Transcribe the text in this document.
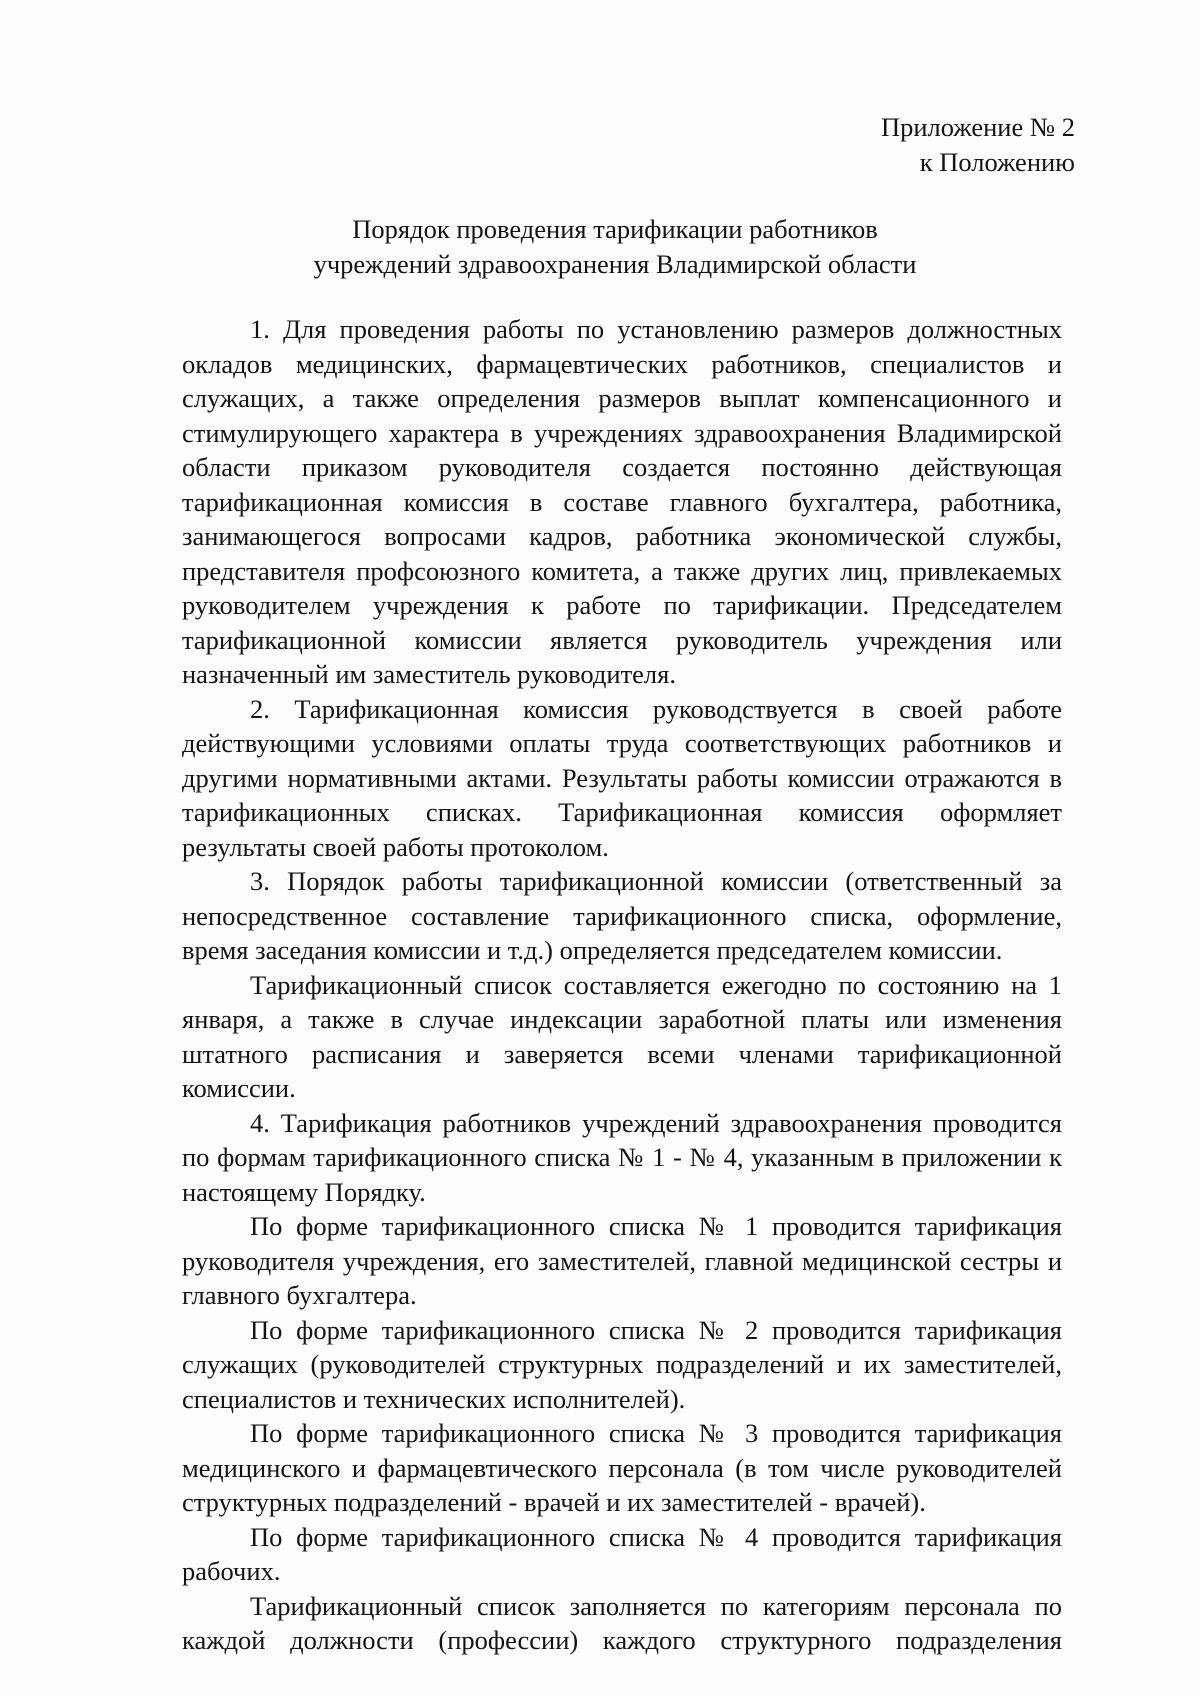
Приложение № 2
к Положению
Порядок проведения тарификации работников
учреждений здравоохранения Владимирской области

1. Для проведения работы по установлению размеров должностных окладов медицинских, фармацевтических работников, специалистов и служащих, а также определения размеров выплат компенсационного и стимулирующего характера в учреждениях здравоохранения Владимирской области приказом руководителя создается постоянно действующая тарификационная комиссия в составе главного бухгалтера, работника, занимающегося вопросами кадров, работника экономической службы, представителя профсоюзного комитета, а также других лиц, привлекаемых руководителем учреждения к работе по тарификации. Председателем тарификационной комиссии является руководитель учреждения или назначенный им заместитель руководителя.

2. Тарификационная комиссия руководствуется в своей работе действующими условиями оплаты труда соответствующих работников и другими нормативными актами. Результаты работы комиссии отражаются в тарификационных списках. Тарификационная комиссия оформляет результаты своей работы протоколом.

3. Порядок работы тарификационной комиссии (ответственный за непосредственное составление тарификационного списка, оформление, время заседания комиссии и т.д.) определяется председателем комиссии.

Тарификационный список составляется ежегодно по состоянию на 1 января, а также в случае индексации заработной платы или изменения штатного расписания и заверяется всеми членами тарификационной комиссии.

4. Тарификация работников учреждений здравоохранения проводится по формам тарификационного списка № 1 - № 4, указанным в приложении к настоящему Порядку.

По форме тарификационного списка № 1 проводится тарификация руководителя учреждения, его заместителей, главной медицинской сестры и главного бухгалтера.

По форме тарификационного списка № 2 проводится тарификация служащих (руководителей структурных подразделений и их заместителей, специалистов и технических исполнителей).

По форме тарификационного списка № 3 проводится тарификация медицинского и фармацевтического персонала (в том числе руководителей структурных подразделений - врачей и их заместителей - врачей).

По форме тарификационного списка № 4 проводится тарификация рабочих.

Тарификационный список заполняется по категориям персонала по каждой должности (профессии) каждого структурного подразделения
